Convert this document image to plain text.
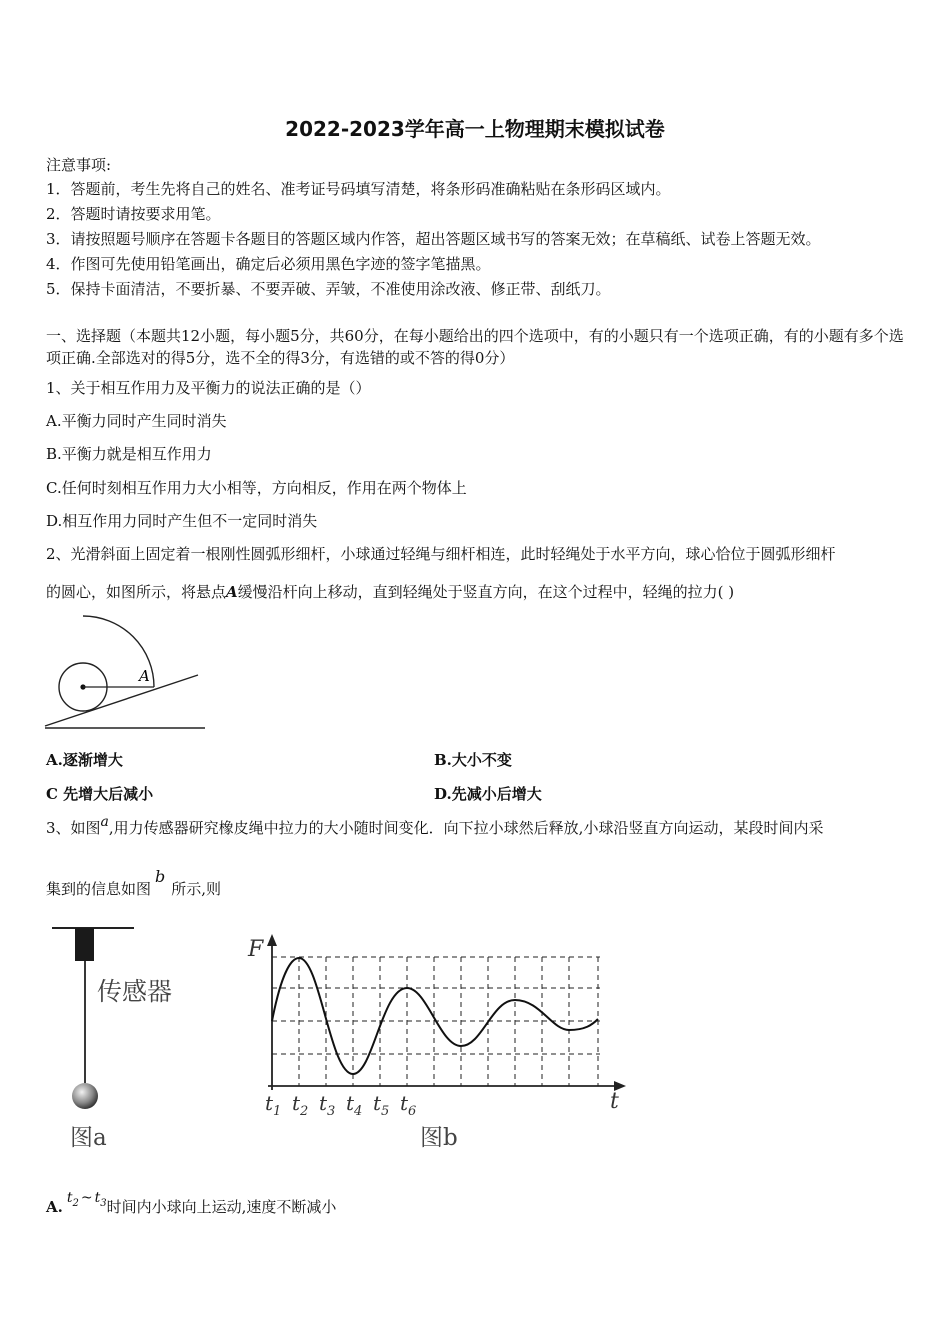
2022-2023学年高一上物理期末模拟试卷
注意事项:
1．答题前，考生先将自己的姓名、准考证号码填写清楚，将条形码准确粘贴在条形码区域内。
2．答题时请按要求用笔。
3．请按照题号顺序在答题卡各题目的答题区域内作答，超出答题区域书写的答案无效；在草稿纸、试卷上答题无效。
4．作图可先使用铅笔画出，确定后必须用黑色字迹的签字笔描黑。
5．保持卡面清洁，不要折暴、不要弄破、弄皱，不准使用涂改液、修正带、刮纸刀。
一、选择题（本题共12小题，每小题5分，共60分，在每小题给出的四个选项中，有的小题只有一个选项正确，有的小题有多个选项正确.全部选对的得5分，选不全的得3分，有选错的或不答的得0分）
1、关于相互作用力及平衡力的说法正确的是（）
A.平衡力同时产生同时消失
B.平衡力就是相互作用力
C.任何时刻相互作用力大小相等，方向相反，作用在两个物体上
D.相互作用力同时产生但不一定同时消失
2、光滑斜面上固定着一根刚性圆弧形细杆，小球通过轻绳与细杆相连，此时轻绳处于水平方向，球心恰位于圆弧形细杆
的圆心，如图所示，将悬点A缓慢沿杆向上移动，直到轻绳处于竖直方向，在这个过程中，轻绳的拉力( )
A
A.逐渐增大	B.大小不变
C 先增大后减小	D.先减小后增大
3、如图a,用力传感器研究橡皮绳中拉力的大小随时间变化．向下拉小球然后释放,小球沿竖直方向运动，某段时间内采
集到的信息如图b所示,则
传感器
图a
F
t
$t_1$ $t_2$ $t_3$ $t_4$ $t_5$ $t_6$
图b
A. $t_2$ ~ $t_3$时间内小球向上运动,速度不断减小
